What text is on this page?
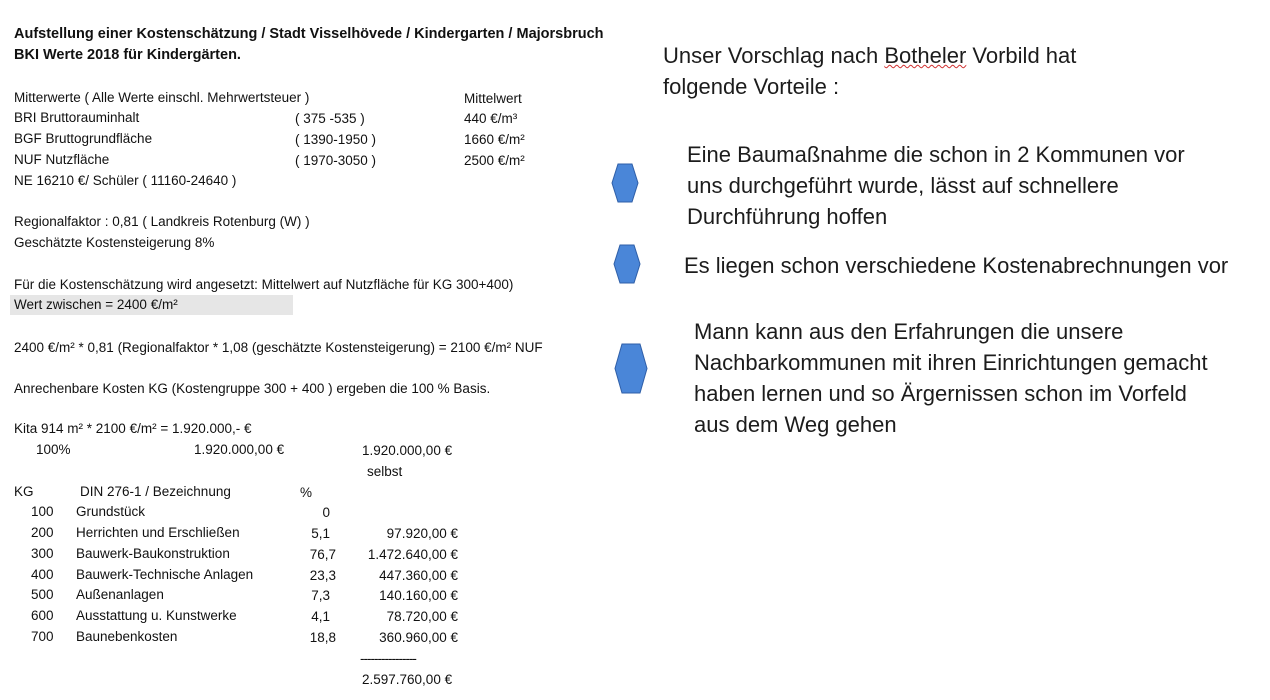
Aufstellung einer Kostenschätzung / Stadt Visselhövede / Kindergarten / Majorsbruch
BKI Werte 2018 für Kindergärten.
Mitterwerte ( Alle Werte einschl. Mehrwertsteuer )	Mittelwert
BRI Bruttorauminhalt	( 375 -535 )	440 €/m³
BGF Bruttogrundfläche	( 1390-1950 )	1660 €/m²
NUF Nutzfläche	( 1970-3050 )	2500 €/m²
NE 16210 €/ Schüler ( 11160-24640 )
Regionalfaktor : 0,81 ( Landkreis Rotenburg (W) )
Geschätzte Kostensteigerung 8%
Für die Kostenschätzung wird angesetzt: Mittelwert auf Nutzfläche für KG 300+400)
Wert zwischen = 2400 €/m²
2400 €/m² * 0,81 (Regionalfaktor * 1,08 (geschätzte Kostensteigerung) = 2100 €/m² NUF
Anrechenbare Kosten KG (Kostengruppe 300 + 400 ) ergeben die 100 % Basis.
Kita 914 m² * 2100 €/m² = 1.920.000,- €
100%	1.920.000,00 €	1.920.000,00 €
selbst
KG	DIN 276-1 / Bezeichnung	%
100 Grundstück	0
200 Herrichten und Erschließen	5,1	97.920,00 €
300 Bauwerk-Baukonstruktion	76,7	1.472.640,00 €
400 Bauwerk-Technische Anlagen	23,3	447.360,00 €
500 Außenanlagen	7,3	140.160,00 €
600 Ausstattung u. Kunstwerke	4,1	78.720,00 €
700 Baunebenkosten	18,8	360.960,00 €
----------------
2.597.760,00 €
Unser Vorschlag nach Botheler Vorbild hat
folgende Vorteile :
Eine Baumaßnahme die schon in 2 Kommunen vor
uns durchgeführt wurde, lässt auf schnellere
Durchführung hoffen
Es liegen schon verschiedene Kostenabrechnungen vor
Mann kann aus den Erfahrungen die unsere
Nachbarkommunen mit ihren Einrichtungen gemacht
haben lernen und so Ärgernissen schon im Vorfeld
aus dem Weg gehen
